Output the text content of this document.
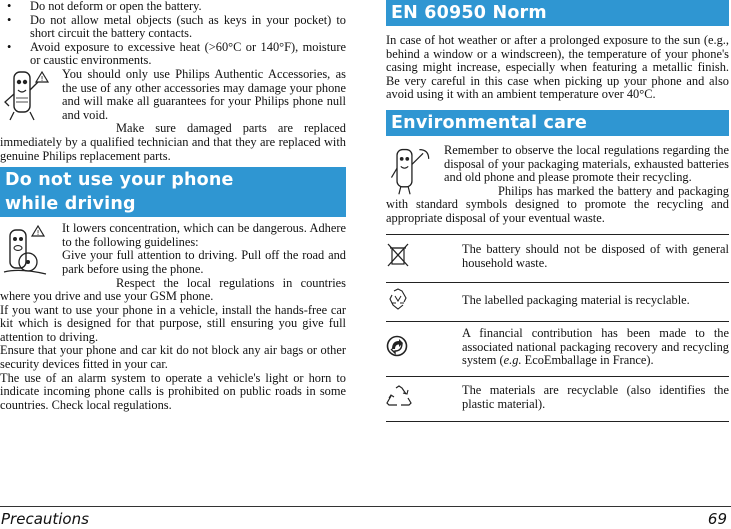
• Do not deform or open the battery.
• Do not allow metal objects (such as keys in your pocket) to short circuit the battery contacts.
• Avoid exposure to excessive heat (>60°C or 140°F), moisture or caustic environments.
! You should only use Philips Authentic Accessories, as the use of any other accessories may damage your phone and will make all guarantees for your Philips phone null and void.

Make sure damaged parts are replaced immediately by a qualified technician and that they are replaced with genuine Philips replacement parts.

Do not use your phone
while driving
! It lowers concentration, which can be dangerous. Adhere to the following guidelines:

Give your full attention to driving. Pull off the road and park before using the phone.

Respect the local regulations in countries where you drive and use your GSM phone.

If you want to use your phone in a vehicle, install the hands-free car kit which is designed for that purpose, still ensuring you give full attention to driving.

Ensure that your phone and car kit do not block any air bags or other security devices fitted in your car.

The use of an alarm system to operate a vehicle's light or horn to indicate incoming phone calls is prohibited on public roads in some countries. Check local regulations.

EN 60950 Norm

In case of hot weather or after a prolonged exposure to the sun (e.g., behind a window or a windscreen), the temperature of your phone's casing might increase, especially when featuring a metallic finish. Be very careful in this case when picking up your phone and also avoid using it with an ambient temperature over 40°C.

Environmental care

Remember to observe the local regulations regarding the disposal of your packaging materials, exhausted batteries and old phone and please promote their recycling.

Philips has marked the battery and packaging with standard symbols designed to promote the recycling and appropriate disposal of your eventual waste.

	The battery should not be disposed of with general household waste.
	The labelled packaging material is recyclable.
	A financial contribution has been made to the associated national packaging recovery and recycling system (e.g. EcoEmballage in France).
	The materials are recyclable (also identifies the plastic material).
Precautions	69
